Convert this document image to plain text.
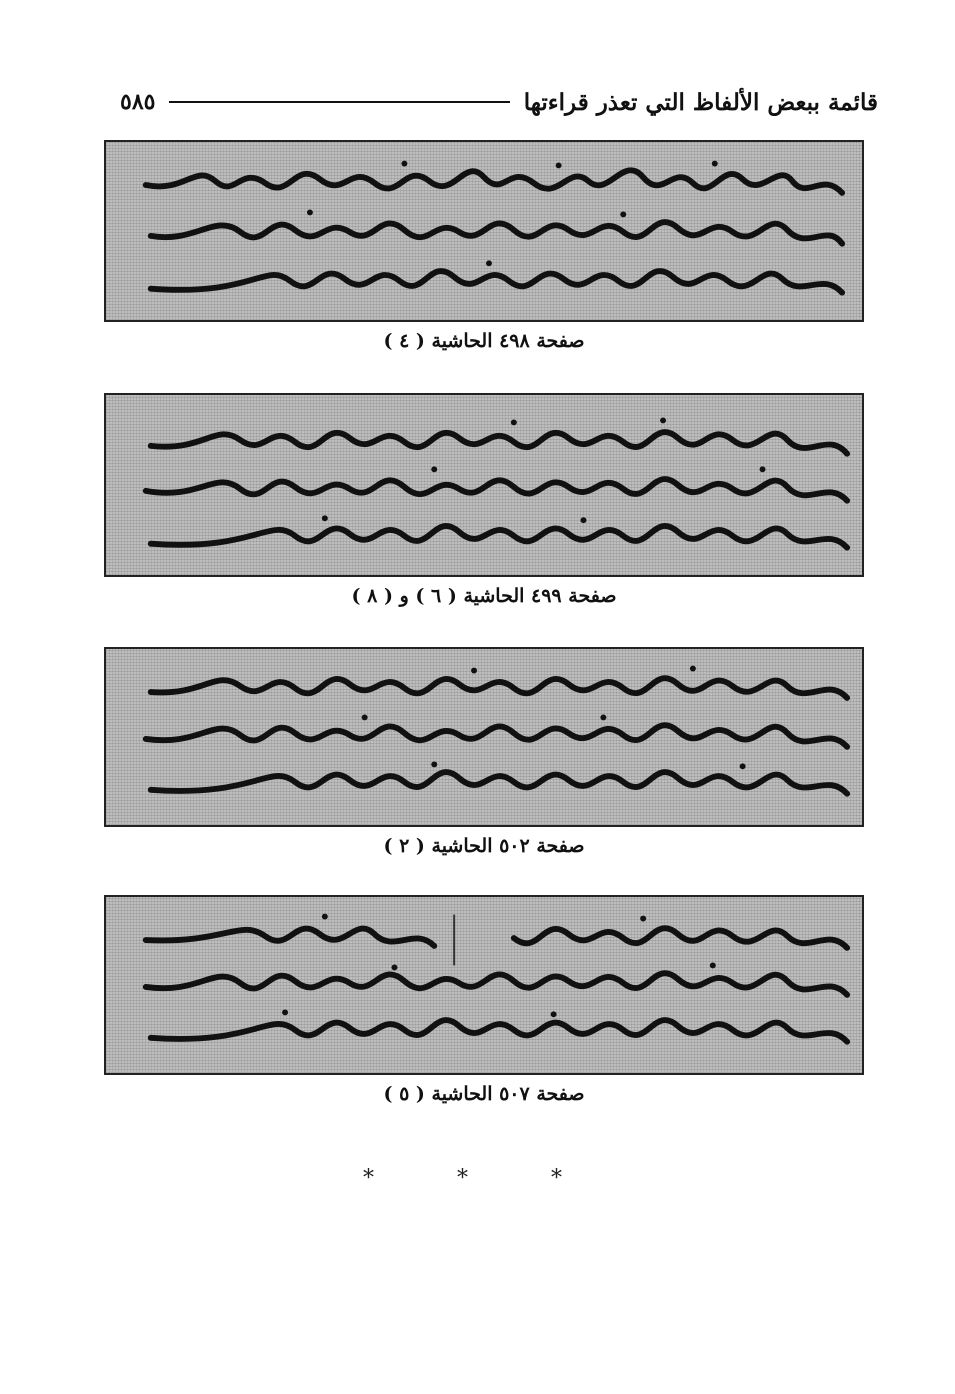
قائمة ببعض الألفاظ التي تعذر قراءتها
٥٨٥
صفحة ٤٩٨ الحاشية ( ٤ )
صفحة ٤٩٩ الحاشية ( ٦ ) و ( ٨ )
صفحة ٥٠٢ الحاشية ( ٢ )
صفحة ٥٠٧ الحاشية ( ٥ )
* * *
